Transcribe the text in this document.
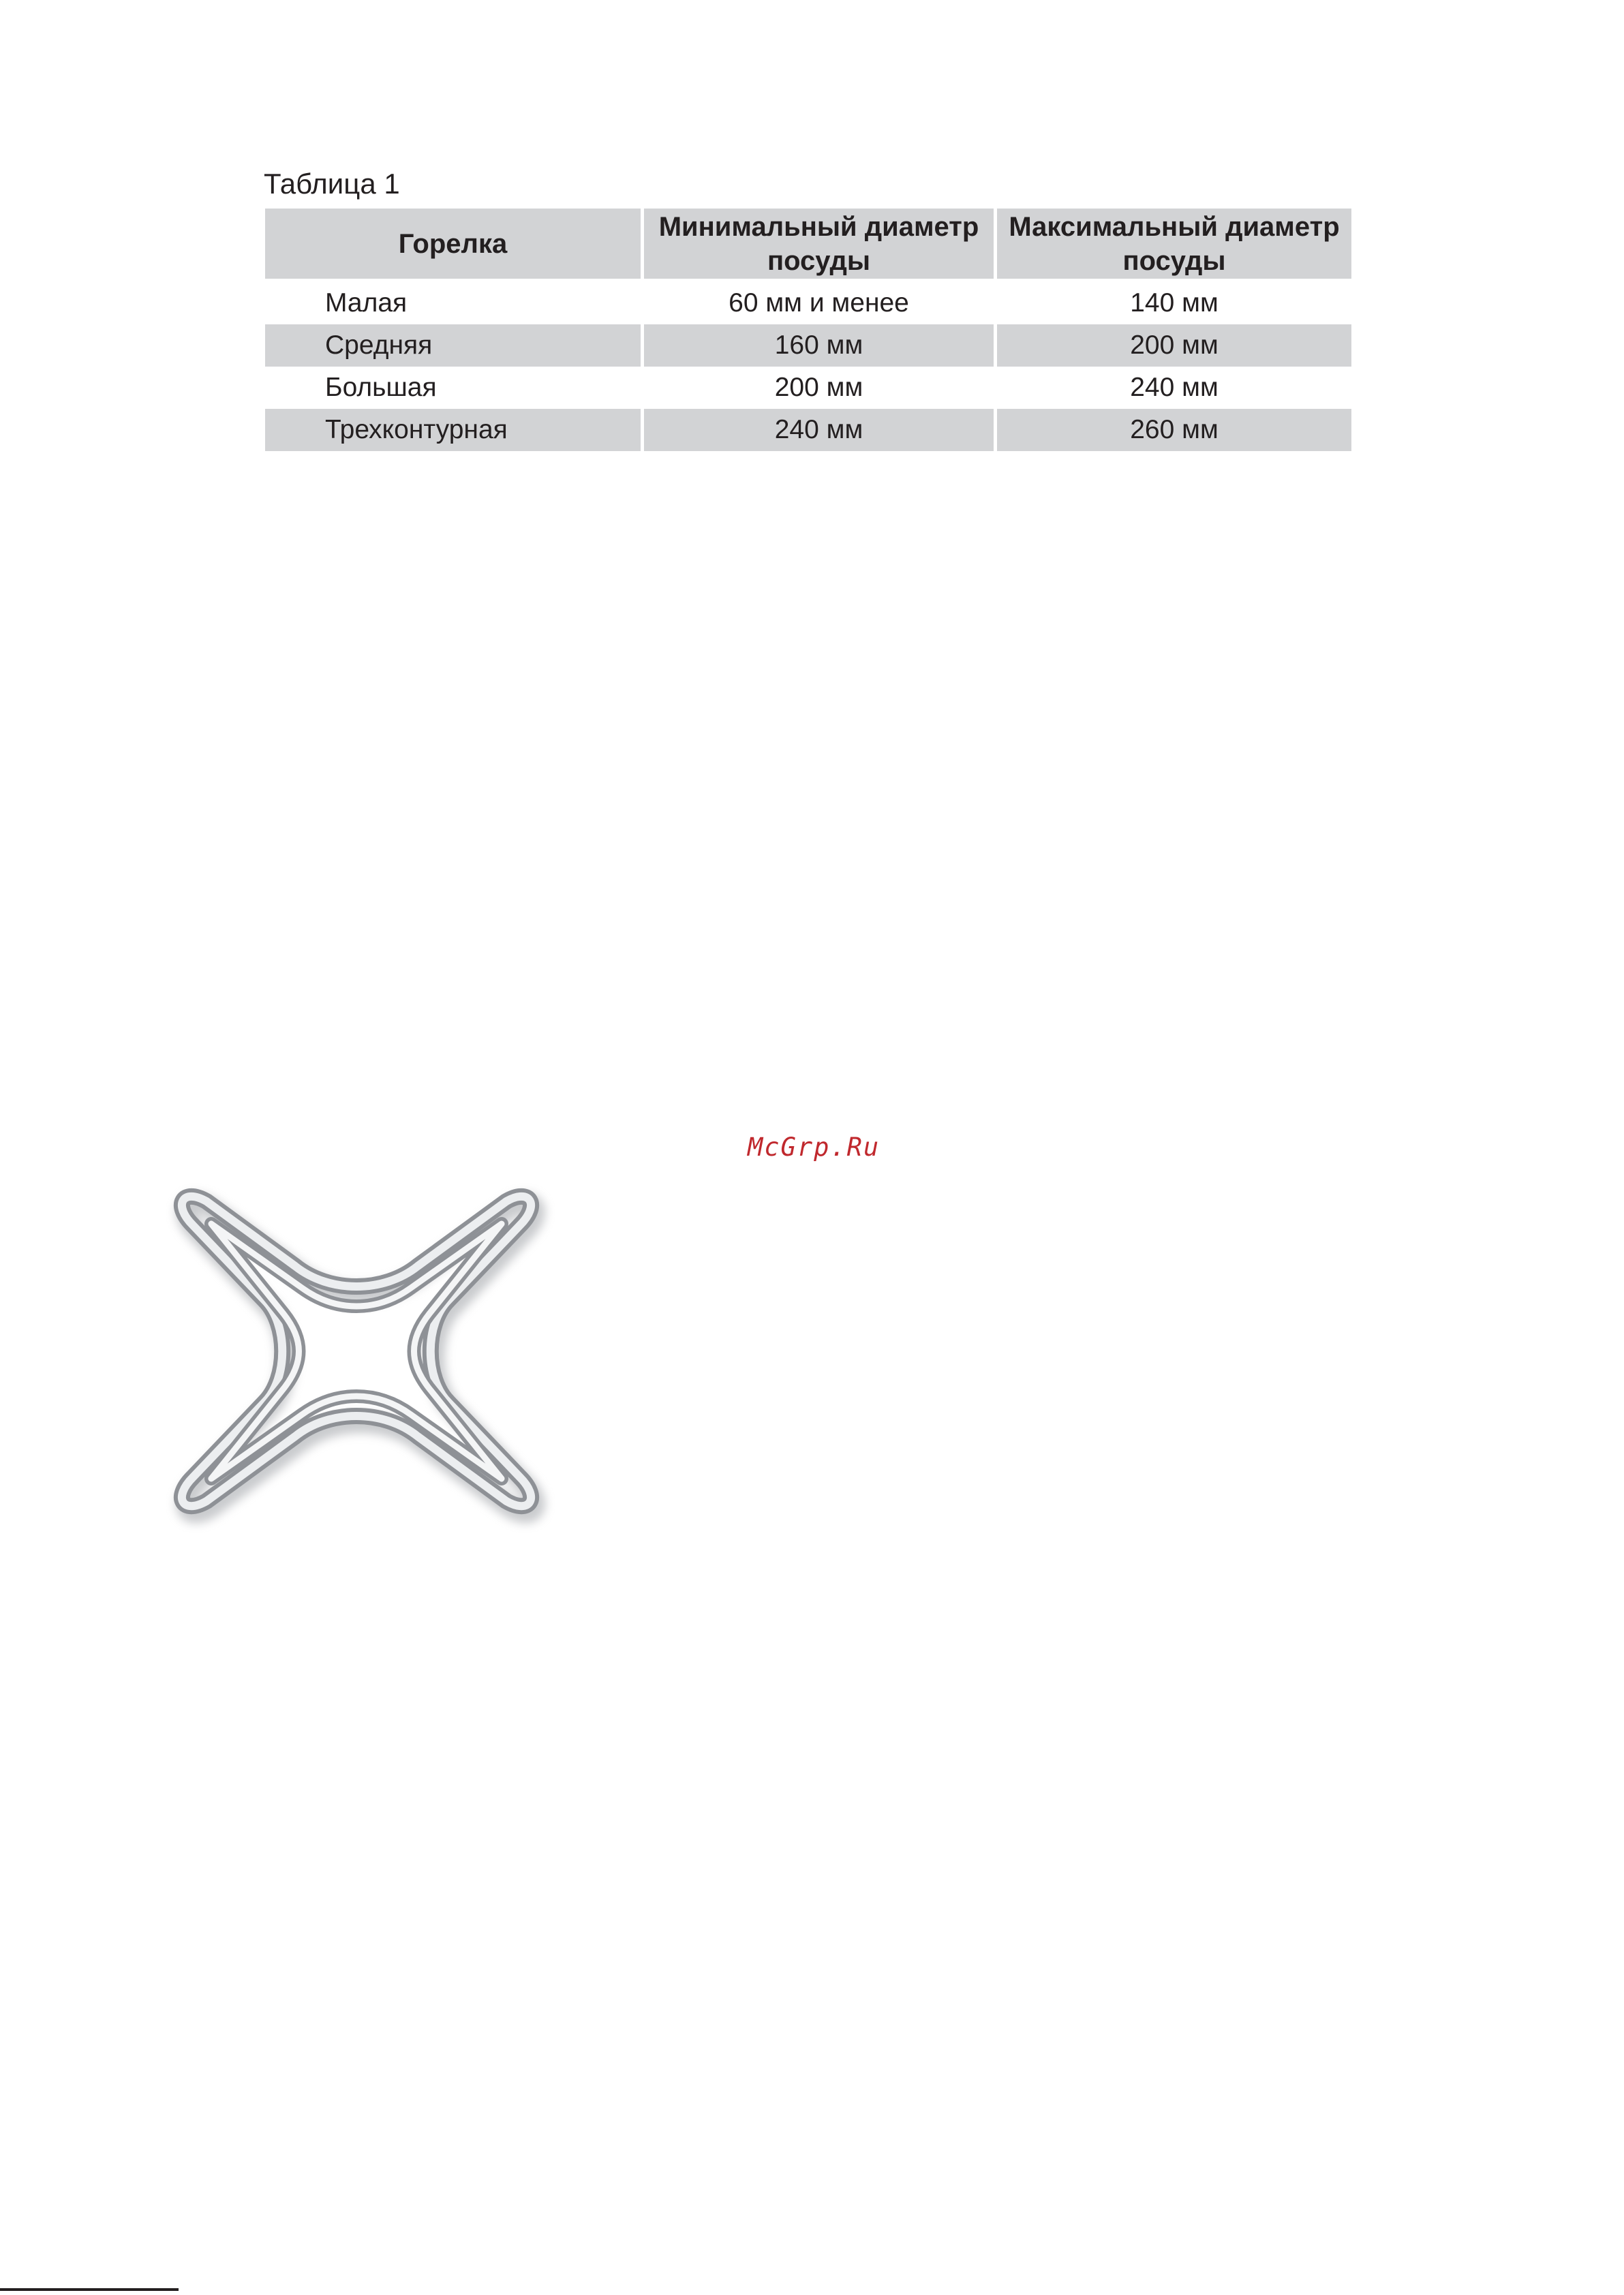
Таблица 1
Горелка	Минимальный диаметр посуды	Максимальный диаметр посуды
Малая	60 мм и менее	140 мм
Средняя	160 мм	200 мм
Большая	200 мм	240 мм
Трехконтурная	240 мм	260 мм
McGrp.Ru
